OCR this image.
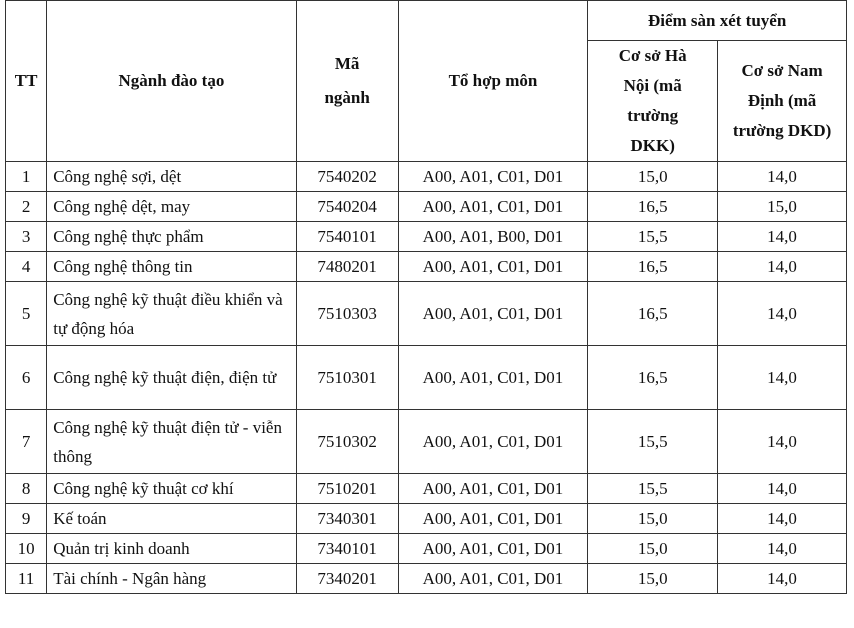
TT	Ngành đào tạo	Mã ngành	Tổ hợp môn	Điểm sàn xét tuyển	
				Cơ sở Hà Nội (mã trường DKK)	Cơ sở Nam Định (mã trường DKD)
1	Công nghệ sợi, dệt	7540202	A00, A01, C01, D01	15,0	14,0
2	Công nghệ dệt, may	7540204	A00, A01, C01, D01	16,5	15,0
3	Công nghệ thực phẩm	7540101	A00, A01, B00, D01	15,5	14,0
4	Công nghệ thông tin	7480201	A00, A01, C01, D01	16,5	14,0
5	Công nghệ kỹ thuật điều khiển và tự động hóa	7510303	A00, A01, C01, D01	16,5	14,0
6	Công nghệ kỹ thuật điện, điện tử	7510301	A00, A01, C01, D01	16,5	14,0
7	Công nghệ kỹ thuật điện tử - viễn thông	7510302	A00, A01, C01, D01	15,5	14,0
8	Công nghệ kỹ thuật cơ khí	7510201	A00, A01, C01, D01	15,5	14,0
9	Kế toán	7340301	A00, A01, C01, D01	15,0	14,0
10	Quản trị kinh doanh	7340101	A00, A01, C01, D01	15,0	14,0
11	Tài chính - Ngân hàng	7340201	A00, A01, C01, D01	15,0	14,0
